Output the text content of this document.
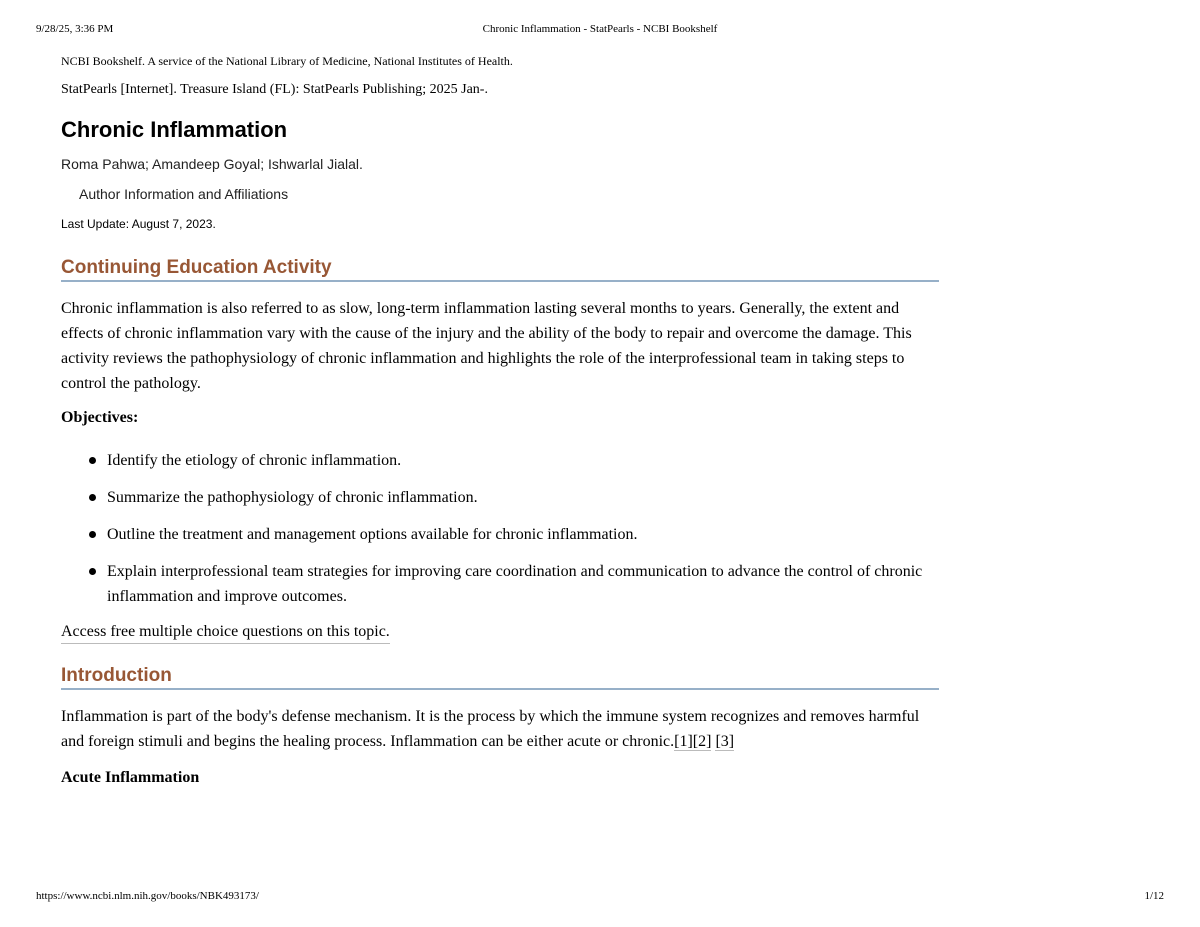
9/28/25, 3:36 PM	Chronic Inflammation - StatPearls - NCBI Bookshelf
NCBI Bookshelf. A service of the National Library of Medicine, National Institutes of Health.
StatPearls [Internet]. Treasure Island (FL): StatPearls Publishing; 2025 Jan-.
Chronic Inflammation
Roma Pahwa; Amandeep Goyal; Ishwarlal Jialal.
Author Information and Affiliations
Last Update: August 7, 2023.
Continuing Education Activity

Chronic inflammation is also referred to as slow, long-term inflammation lasting several months to years. Generally, the extent and effects of chronic inflammation vary with the cause of the injury and the ability of the body to repair and overcome the damage. This activity reviews the pathophysiology of chronic inflammation and highlights the role of the interprofessional team in taking steps to control the pathology.

Objectives:
Identify the etiology of chronic inflammation.
Summarize the pathophysiology of chronic inflammation.
Outline the treatment and management options available for chronic inflammation.
Explain interprofessional team strategies for improving care coordination and communication to advance the control of chronic inflammation and improve outcomes.
Access free multiple choice questions on this topic.
Introduction

Inflammation is part of the body's defense mechanism. It is the process by which the immune system recognizes and removes harmful and foreign stimuli and begins the healing process. Inflammation can be either acute or chronic.[1][2] [3]

Acute Inflammation
https://www.ncbi.nlm.nih.gov/books/NBK493173/	1/12
